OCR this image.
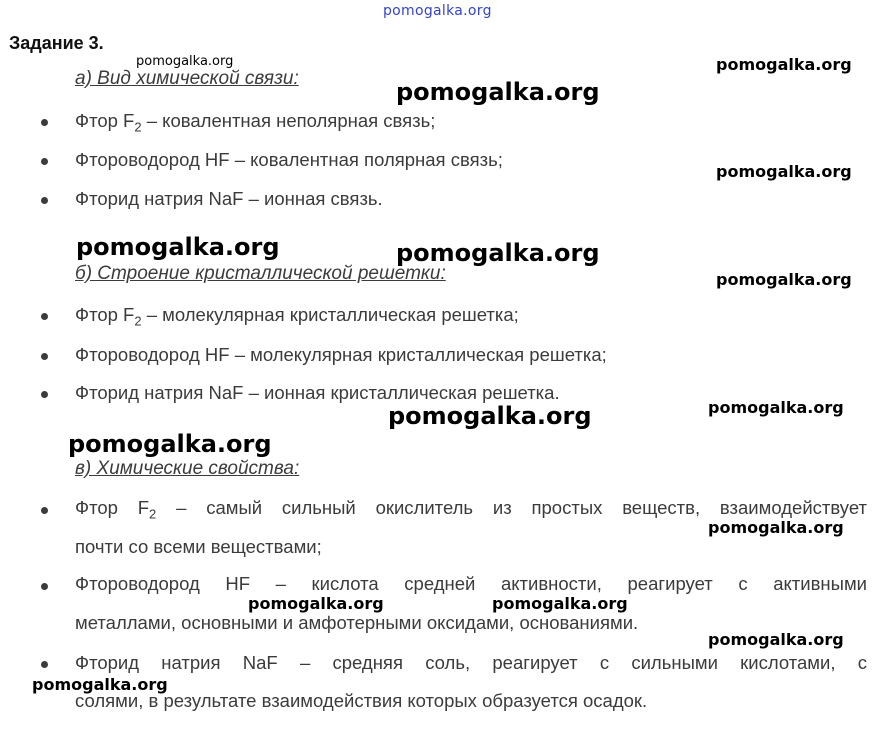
pomogalka.org
Задание 3.
а) Вид химической связи:
Фтор $F_2$ – ковалентная неполярная связь;
Фтороводород HF – ковалентная полярная связь;
Фторид натрия NaF – ионная связь.
б) Строение кристаллической решетки:
Фтор $F_2$ – молекулярная кристаллическая решетка;
Фтороводород HF – молекулярная кристаллическая решетка;
Фторид натрия NaF – ионная кристаллическая решетка.
в) Химические свойства:
Фтор $F_2$ – самый сильный окислитель из простых веществ, взаимодействует
почти со всеми веществами;
Фтороводород HF – кислота средней активности, реагирует с активными
металлами, основными и амфотерными оксидами, основаниями.
Фторид натрия NaF – средняя соль, реагирует с сильными кислотами, с
солями, в результате взаимодействия которых образуется осадок.
pomogalka.org	pomogalka.org
pomogalka.org
pomogalka.org
pomogalka.org	pomogalka.org
pomogalka.org
pomogalka.org
pomogalka.org
pomogalka.org
pomogalka.org
pomogalka.org	pomogalka.org
pomogalka.org
pomogalka.org
